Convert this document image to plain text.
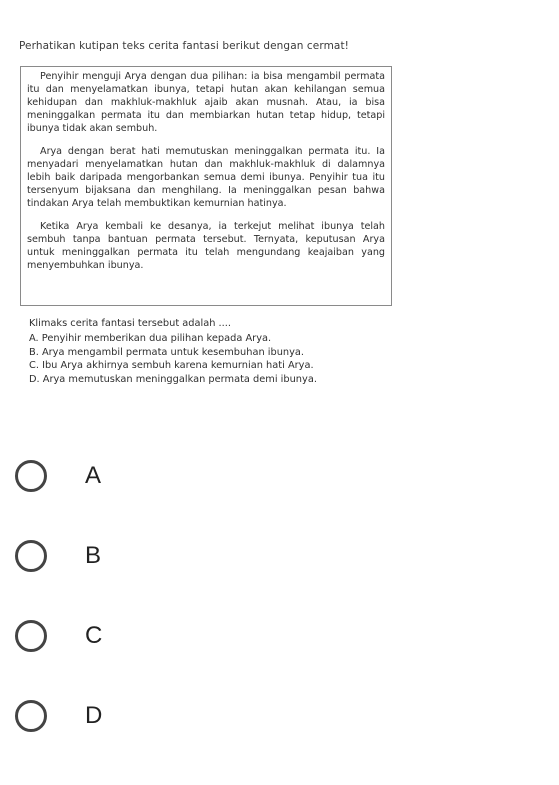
Perhatikan kutipan teks cerita fantasi berikut dengan cermat!

Penyihir menguji Arya dengan dua pilihan: ia bisa mengambil permata itu dan menyelamatkan ibunya, tetapi hutan akan kehilangan semua kehidupan dan makhluk-makhluk ajaib akan musnah. Atau, ia bisa meninggalkan permata itu dan membiarkan hutan tetap hidup, tetapi ibunya tidak akan sembuh.

Arya dengan berat hati memutuskan meninggalkan permata itu. Ia menyadari menyelamatkan hutan dan makhluk-makhluk di dalamnya lebih baik daripada mengorbankan semua demi ibunya. Penyihir tua itu tersenyum bijaksana dan menghilang. Ia meninggalkan pesan bahwa tindakan Arya telah membuktikan kemurnian hatinya.

Ketika Arya kembali ke desanya, ia terkejut melihat ibunya telah sembuh tanpa bantuan permata tersebut. Ternyata, keputusan Arya untuk meninggalkan permata itu telah mengundang keajaiban yang menyembuhkan ibunya.

Klimaks cerita fantasi tersebut adalah ....
A. Penyihir memberikan dua pilihan kepada Arya.
B. Arya mengambil permata untuk kesembuhan ibunya.
C. Ibu Arya akhirnya sembuh karena kemurnian hati Arya.
D. Arya memutuskan meninggalkan permata demi ibunya.
A
B
C
D
